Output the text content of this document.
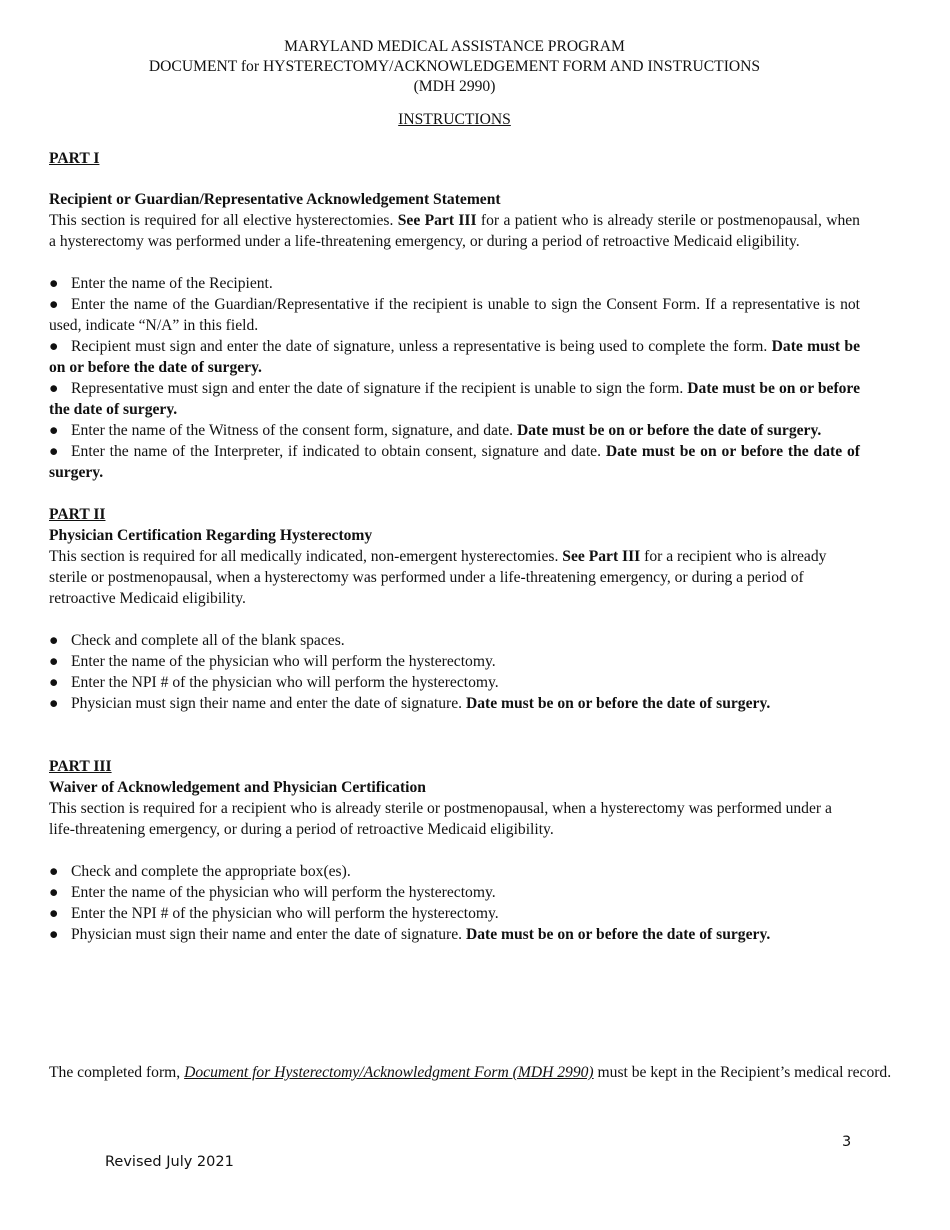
MARYLAND MEDICAL ASSISTANCE PROGRAM
DOCUMENT for HYSTERECTOMY/ACKNOWLEDGEMENT FORM AND INSTRUCTIONS
(MDH 2990)
INSTRUCTIONS
PART I
Recipient or Guardian/Representative Acknowledgement Statement
This section is required for all elective hysterectomies. See Part III for a patient who is already sterile or postmenopausal, when a hysterectomy was performed under a life-threatening emergency, or during a period of retroactive Medicaid eligibility.
● Enter the name of the Recipient.
● Enter the name of the Guardian/Representative if the recipient is unable to sign the Consent Form. If a representative is not used, indicate “N/A” in this field.
● Recipient must sign and enter the date of signature, unless a representative is being used to complete the form. Date must be on or before the date of surgery.
● Representative must sign and enter the date of signature if the recipient is unable to sign the form. Date must be on or before the date of surgery.
● Enter the name of the Witness of the consent form, signature, and date. Date must be on or before the date of surgery.
● Enter the name of the Interpreter, if indicated to obtain consent, signature and date. Date must be on or before the date of surgery.
PART II
Physician Certification Regarding Hysterectomy
This section is required for all medically indicated, non-emergent hysterectomies. See Part III for a recipient who is already sterile or postmenopausal, when a hysterectomy was performed under a life-threatening emergency, or during a period of retroactive Medicaid eligibility.
● Check and complete all of the blank spaces.
● Enter the name of the physician who will perform the hysterectomy.
● Enter the NPI # of the physician who will perform the hysterectomy.
● Physician must sign their name and enter the date of signature. Date must be on or before the date of surgery.
PART III
Waiver of Acknowledgement and Physician Certification
This section is required for a recipient who is already sterile or postmenopausal, when a hysterectomy was performed under a life-threatening emergency, or during a period of retroactive Medicaid eligibility.
● Check and complete the appropriate box(es).
● Enter the name of the physician who will perform the hysterectomy.
● Enter the NPI # of the physician who will perform the hysterectomy.
● Physician must sign their name and enter the date of signature. Date must be on or before the date of surgery.
The completed form, Document for Hysterectomy/Acknowledgment Form (MDH 2990) must be kept in the Recipient’s medical record.
3
Revised July 2021
